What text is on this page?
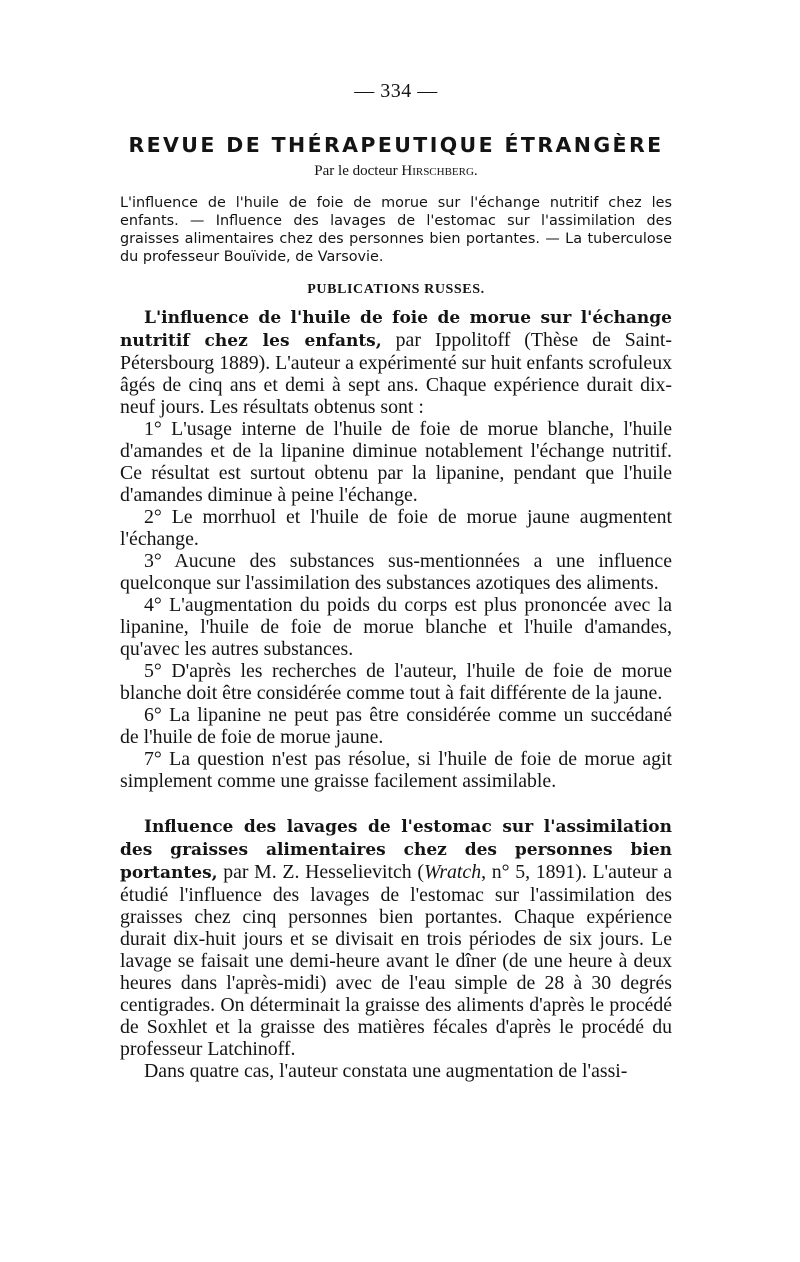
— 334 —
REVUE DE THÉRAPEUTIQUE ÉTRANGÈRE
Par le docteur Hirschberg.
L'influence de l'huile de foie de morue sur l'échange nutritif chez les enfants. — Influence des lavages de l'estomac sur l'assimilation des graisses alimentaires chez des personnes bien portantes. — La tuberculose du professeur Bouïvide, de Varsovie.
PUBLICATIONS RUSSES.

L'influence de l'huile de foie de morue sur l'échange nutritif chez les enfants, par Ippolitoff (Thèse de Saint-Pétersbourg 1889). L'auteur a expérimenté sur huit enfants scrofuleux âgés de cinq ans et demi à sept ans. Chaque expérience durait dix-neuf jours. Les résultats obtenus sont :

1° L'usage interne de l'huile de foie de morue blanche, l'huile d'amandes et de la lipanine diminue notablement l'échange nutritif. Ce résultat est surtout obtenu par la lipanine, pendant que l'huile d'amandes diminue à peine l'échange.

2° Le morrhuol et l'huile de foie de morue jaune augmentent l'échange.

3° Aucune des substances sus-mentionnées a une influence quelconque sur l'assimilation des substances azotiques des aliments.

4° L'augmentation du poids du corps est plus prononcée avec la lipanine, l'huile de foie de morue blanche et l'huile d'amandes, qu'avec les autres substances.

5° D'après les recherches de l'auteur, l'huile de foie de morue blanche doit être considérée comme tout à fait différente de la jaune.

6° La lipanine ne peut pas être considérée comme un succédané de l'huile de foie de morue jaune.

7° La question n'est pas résolue, si l'huile de foie de morue agit simplement comme une graisse facilement assimilable.

Influence des lavages de l'estomac sur l'assimilation des graisses alimentaires chez des personnes bien portantes, par M. Z. Hesselievitch (Wratch, n° 5, 1891). L'auteur a étudié l'influence des lavages de l'estomac sur l'assimilation des graisses chez cinq personnes bien portantes. Chaque expérience durait dix-huit jours et se divisait en trois périodes de six jours. Le lavage se faisait une demi-heure avant le dîner (de une heure à deux heures dans l'après-midi) avec de l'eau simple de 28 à 30 degrés centigrades. On déterminait la graisse des aliments d'après le procédé de Soxhlet et la graisse des matières fécales d'après le procédé du professeur Latchinoff.

Dans quatre cas, l'auteur constata une augmentation de l'assi-
